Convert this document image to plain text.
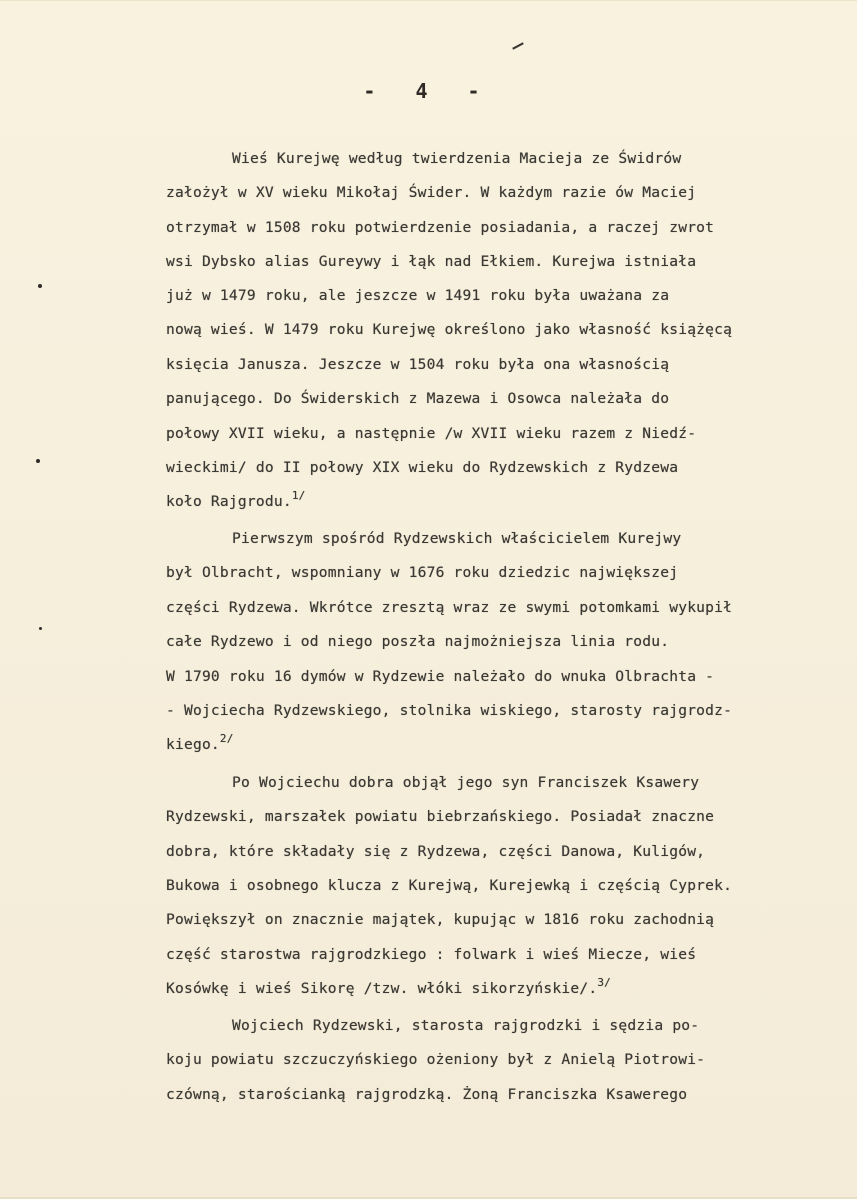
- 4 -
Wieś Kurejwę według twierdzenia Macieja ze Świdrów
założył w XV wieku Mikołaj Świder. W każdym razie ów Maciej
otrzymał w 1508 roku potwierdzenie posiadania, a raczej zwrot
wsi Dybsko alias Gureywy i łąk nad Ełkiem. Kurejwa istniała
już w 1479 roku, ale jeszcze w 1491 roku była uważana za
nową wieś. W 1479 roku Kurejwę określono jako własność książęcą
księcia Janusza. Jeszcze w 1504 roku była ona własnością
panującego. Do Świderskich z Mazewa i Osowca należała do
połowy XVII wieku, a następnie /w XVII wieku razem z Niedź-
wieckimi/ do II połowy XIX wieku do Rydzewskich z Rydzewa
koło Rajgrodu.$^{1/}$
Pierwszym spośród Rydzewskich właścicielem Kurejwy
był Olbracht, wspomniany w 1676 roku dziedzic największej
części Rydzewa. Wkrótce zresztą wraz ze swymi potomkami wykupił
całe Rydzewo i od niego poszła najmożniejsza linia rodu.
W 1790 roku 16 dymów w Rydzewie należało do wnuka Olbrachta -
- Wojciecha Rydzewskiego, stolnika wiskiego, starosty rajgrodz-
kiego.$^{2/}$
Po Wojciechu dobra objął jego syn Franciszek Ksawery
Rydzewski, marszałek powiatu biebrzańskiego. Posiadał znaczne
dobra, które składały się z Rydzewa, części Danowa, Kuligów,
Bukowa i osobnego klucza z Kurejwą, Kurejewką i częścią Cyprek.
Powiększył on znacznie majątek, kupując w 1816 roku zachodnią
część starostwa rajgrodzkiego : folwark i wieś Miecze, wieś
Kosówkę i wieś Sikorę /tzw. włóki sikorzyńskie/.$^{3/}$
Wojciech Rydzewski, starosta rajgrodzki i sędzia po-
koju powiatu szczuczyńskiego ożeniony był z Anielą Piotrowi-
czówną, starościanką rajgrodzką. Żoną Franciszka Ksawerego
